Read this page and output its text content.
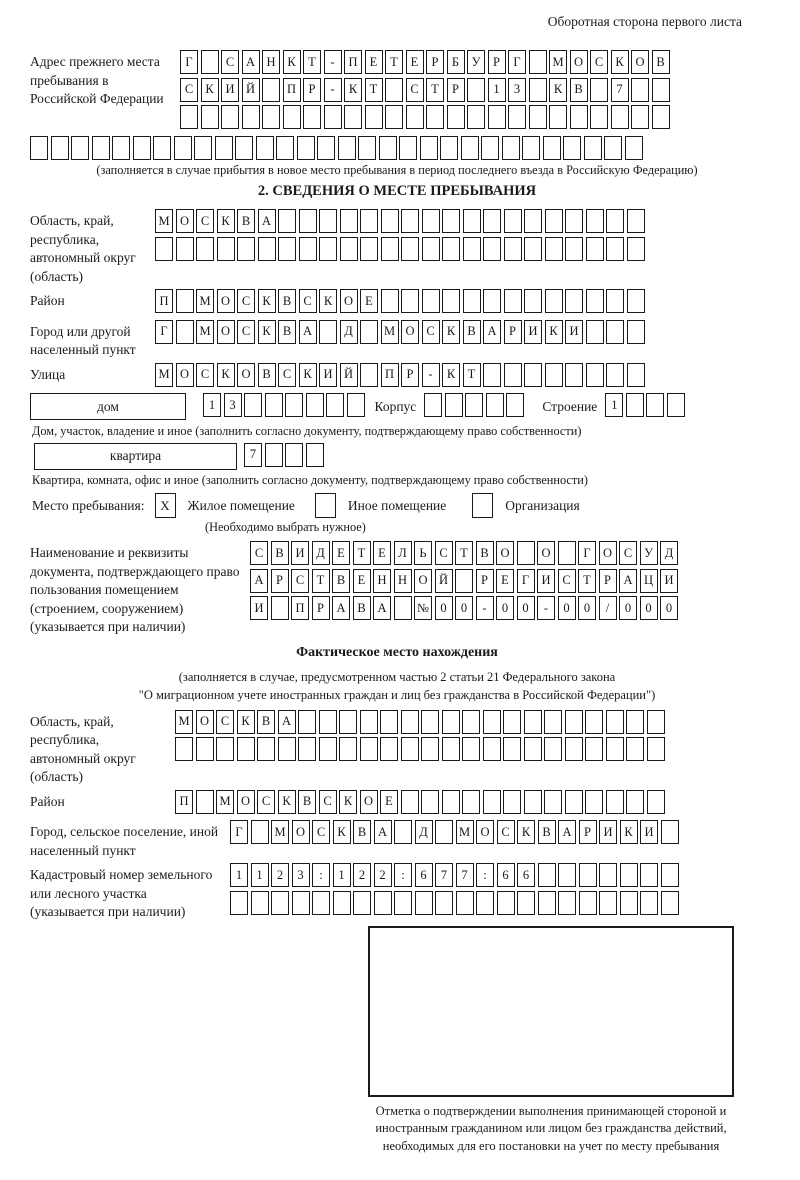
Оборотная сторона первого листа
Адрес прежнего места пребывания в Российской Федерации
Г	С А Н К	Т	-	П Е	Т	Е	Р	Б У	Р	Г	М О С К О В
С К И Й	П	Р	-	К	Т	С	Т	Р	1	3	К В	7
(заполняется в случае прибытия в новое место пребывания в период последнего въезда в Российскую Федерацию)
2. СВЕДЕНИЯ О МЕСТЕ ПРЕБЫВАНИЯ
Область, край, республика, автономный округ (область)
М О С К В А
Район	П	М О С К В С К О Е
Город или другой населенный пункт
Г	М О С К В А	Д	М О С К В А	Р	И К И
Улица	М О С К О В С К И Й	П	Р	-	К	Т
дом	1	3	Корпус	Строение	1
Дом, участок, владение и иное (заполнить согласно документу, подтверждающему право собственности)
квартира	7
Квартира, комната, офис и иное (заполнить согласно документу, подтверждающему право собственности)
Место пребывания:	X	Жилое помещение	Иное помещение	Организация
(Необходимо выбрать нужное)
Наименование и реквизиты документа, подтверждающего право пользования помещением (строением, сооружением) (указывается при наличии)
С В И Д Е	Т	Е Л	Ь	С	Т	В О	О	Г О С У Д
А	Р	С	Т	В	Е Н Н О Й	Р	Е	Г И С	Т	Р	А Ц И
И	П	Р	А В А	№ 0	0	-	0	0	-	0	0	/	0	0	0
Фактическое место нахождения
(заполняется в случае, предусмотренном частью 2 статьи 21 Федерального закона
"О миграционном учете иностранных граждан и лиц без гражданства в Российской Федерации")
Область, край, республика, автономный округ (область)
М О С К В А
Район	П	М О С К В С К О Е
Город, сельское поселение, иной населенный пункт
Г	М О С К В А	Д	М О С К В А	Р	И К И
Кадастровый номер земельного или лесного участка (указывается при наличии)
1	1	2	3	:	1	2	2	:	6	7	7	:	6	6
Отметка о подтверждении выполнения принимающей стороной и иностранным гражданином или лицом без гражданства действий, необходимых для его постановки на учет по месту пребывания
